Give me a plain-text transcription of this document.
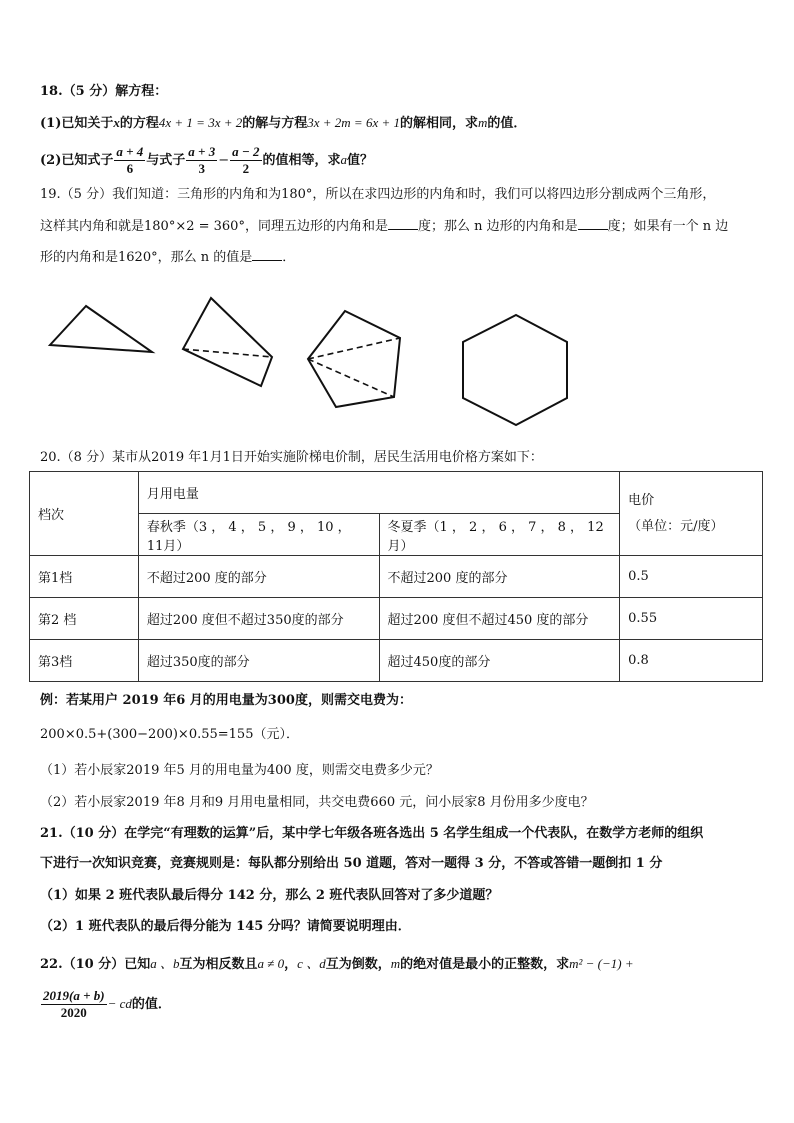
18.（5 分）解方程：
(1)已知关于x的方程4x + 1 = 3x + 2的解与方程3x + 2m = 6x + 1的解相同，求m的值．
(2)已知式子 $\frac{a + 4}{6}$ 与式子 $\frac{a + 3}{3} - \frac{a - 2}{2}$ 的值相等，求a值？
19.（5 分）我们知道：三角形的内角和为180°，所以在求四边形的内角和时，我们可以将四边形分割成两个三角形，
这样其内角和就是180°×2 = 360°，同理五边形的内角和是 度；那么 n 边形的内角和是 度；如果有一个 n 边
形的内角和是1620°，那么 n 的值是 ．
20.（8 分）某市从2019 年1月1日开始实施阶梯电价制，居民生活用电价格方案如下：
档次	月用电量		电价
（单位：元/度）
	春秋季（3 ， 4 ， 5 ， 9 ， 10 ， 11月）	冬夏季（1 ， 2 ， 6 ， 7 ， 8 ， 12月）	
第1档	不超过200 度的部分	不超过200 度的部分	0.5
第2 档	超过200 度但不超过350度的部分	超过200 度但不超过450 度的部分	0.55
第3档	超过350度的部分	超过450度的部分	0.8
例：若某用户 2019 年6 月的用电量为300度，则需交电费为：
200×0.5+(300−200)×0.55=155（元）．
（1）若小辰家2019 年5 月的用电量为400 度，则需交电费多少元？
（2）若小辰家2019 年8 月和9 月用电量相同，共交电费660 元，问小辰家8 月份用多少度电？
21.（10 分）在学完“有理数的运算”后，某中学七年级各班各选出 5 名学生组成一个代表队，在数学方老师的组织
下进行一次知识竞赛，竞赛规则是：每队都分别给出 50 道题，答对一题得 3 分，不答或答错一题倒扣 1 分
（1）如果 2 班代表队最后得分 142 分，那么 2 班代表队回答对了多少道题？
（2）1 班代表队的最后得分能为 145 分吗？请简要说明理由．
22.（10 分）已知a 、b互为相反数且a ≠ 0，c 、d互为倒数，m的绝对值是最小的正整数，求m² − (−1) +
$\frac{2019(a + b)}{2020}$ − cd的值．
